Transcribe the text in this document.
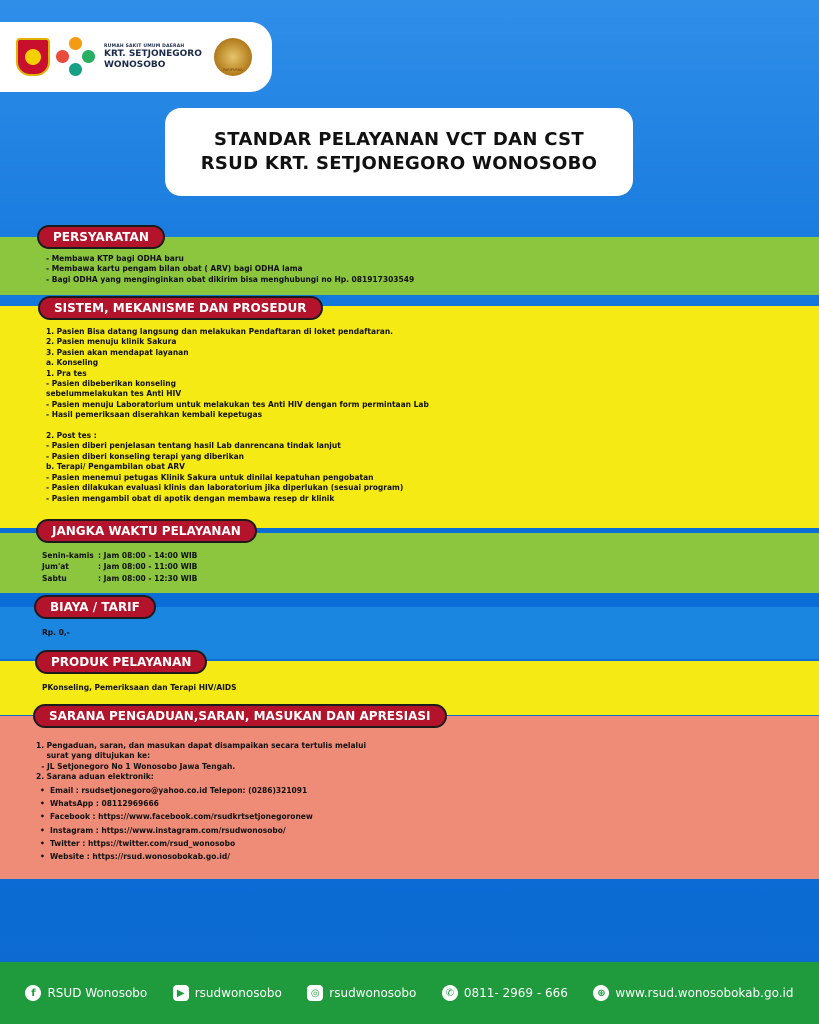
RUMAH SAKIT UMUM DAERAH
KRT. SETJONEGORO
WONOSOBO
PARIPURNA
STANDAR PELAYANAN VCT DAN CST
RSUD KRT. SETJONEGORO WONOSOBO
PERSYARATAN

- Membawa KTP bagi ODHA baru

- Membawa kartu pengam bilan obat ( ARV) bagi ODHA lama

- Bagi ODHA yang menginginkan obat dikirim bisa menghubungi no Hp. 081917303549

SISTEM, MEKANISME DAN PROSEDUR

1. Pasien Bisa datang langsung dan melakukan Pendaftaran di loket pendaftaran.

2. Pasien menuju klinik Sakura

3. Pasien akan mendapat layanan

a. Konseling

1. Pra tes

- Pasien dibeberikan konseling

sebelummelakukan tes Anti HIV

- Pasien menuju Laboratorium untuk melakukan tes Anti HIV dengan form permintaan Lab

- Hasil pemeriksaan diserahkan kembali kepetugas

2. Post tes :

- Pasien diberi penjelasan tentang hasil Lab danrencana tindak lanjut

- Pasien diberi konseling terapi yang diberikan

b. Terapi/ Pengambilan obat ARV

- Pasien menemui petugas Klinik Sakura untuk dinilai kepatuhan pengobatan

- Pasien dilakukan evaluasi klinis dan laboratorium jika diperlukan (sesuai program)

- Pasien mengambil obat di apotik dengan membawa resep dr klinik

JANGKA WAKTU PELAYANAN
Senin-kamis : Jam 08:00 - 14:00 WIB
Jum'at	: Jam 08:00 - 11:00 WIB
Sabtu	: Jam 08:00 - 12:30 WIB
BIAYA / TARIF

Rp. 0,-

PRODUK PELAYANAN

PKonseling, Pemeriksaan dan Terapi HIV/AIDS

SARANA PENGADUAN,SARAN, MASUKAN DAN APRESIASI

1. Pengaduan, saran, dan masukan dapat disampaikan secara tertulis melalui

surat yang ditujukan ke:

- JL Setjonegoro No 1 Wonosobo Jawa Tengah.

2. Sarana aduan elektronik:

• Email : rsudsetjonegoro@yahoo.co.id Telepon: (0286)321091
• WhatsApp : 08112969666
• Facebook : https://www.facebook.com/rsudkrtsetjonegoronew
• Instagram : https://www.instagram.com/rsudwonosobo/
• Twitter : https://twitter.com/rsud_wonosobo
• Website : https://rsud.wonosobokab.go.id/
f RSUD Wonosobo	▶ rsudwonosobo	◎ rsudwonosobo	✆ 0811- 2969 - 666	⊕ www.rsud.wonosobokab.go.id
